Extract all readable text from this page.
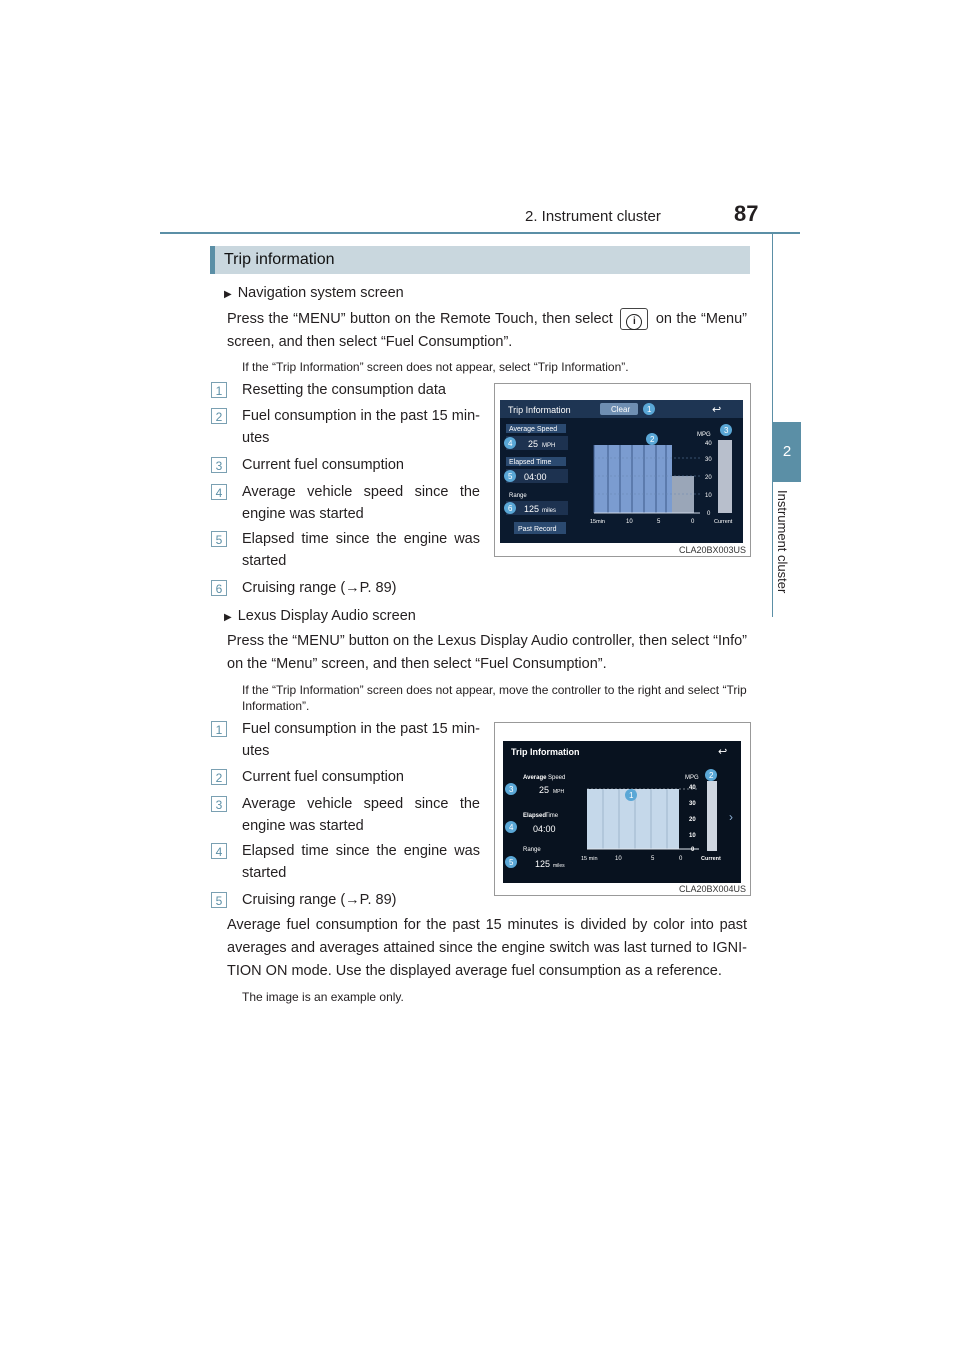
2. Instrument cluster	87
2
Instrument cluster
Trip information
▶ Navigation system screen
Press the “MENU” button on the Remote Touch, then select i on the “Menu” screen, and then select “Fuel Consumption”.
If the “Trip Information” screen does not appear, select “Trip Information”.
1	Resetting the consumption data
2	Fuel consumption in the past 15 min-utes
3	Current fuel consumption
4	Average vehicle speed since the engine was started
5	Elapsed time since the engine was started
6	Cruising range (→P. 89)
Trip Information	Clear 1	↩
Average Speed
25 MPH
4
Elapsed Time
04:00
5
Range
125 miles
6
Past Record
2
3
MPG
40
30
20
10
0
15min	10	5	0	Current
CLA20BX003US
▶ Lexus Display Audio screen
Press the “MENU” button on the Lexus Display Audio controller, then select “Info” on the “Menu” screen, and then select “Fuel Consumption”.
If the “Trip Information” screen does not appear, move the controller to the right and select “Trip Information”.
1	Fuel consumption in the past 15 min-utes
2	Current fuel consumption
3	Average vehicle speed since the engine was started
4	Elapsed time since the engine was started
5	Cruising range (→P. 89)
Trip Information	↩
Average Speed
25 MPH
Elapsed
Time
04:00
Range
125 miles
3
4
5
1
2
MPG
40
30
20
10
0
15 min	10	5	0	Current
›
CLA20BX004US
Average fuel consumption for the past 15 minutes is divided by color into past averages and averages attained since the engine switch was last turned to IGNI-TION ON mode. Use the displayed average fuel consumption as a reference.
The image is an example only.
